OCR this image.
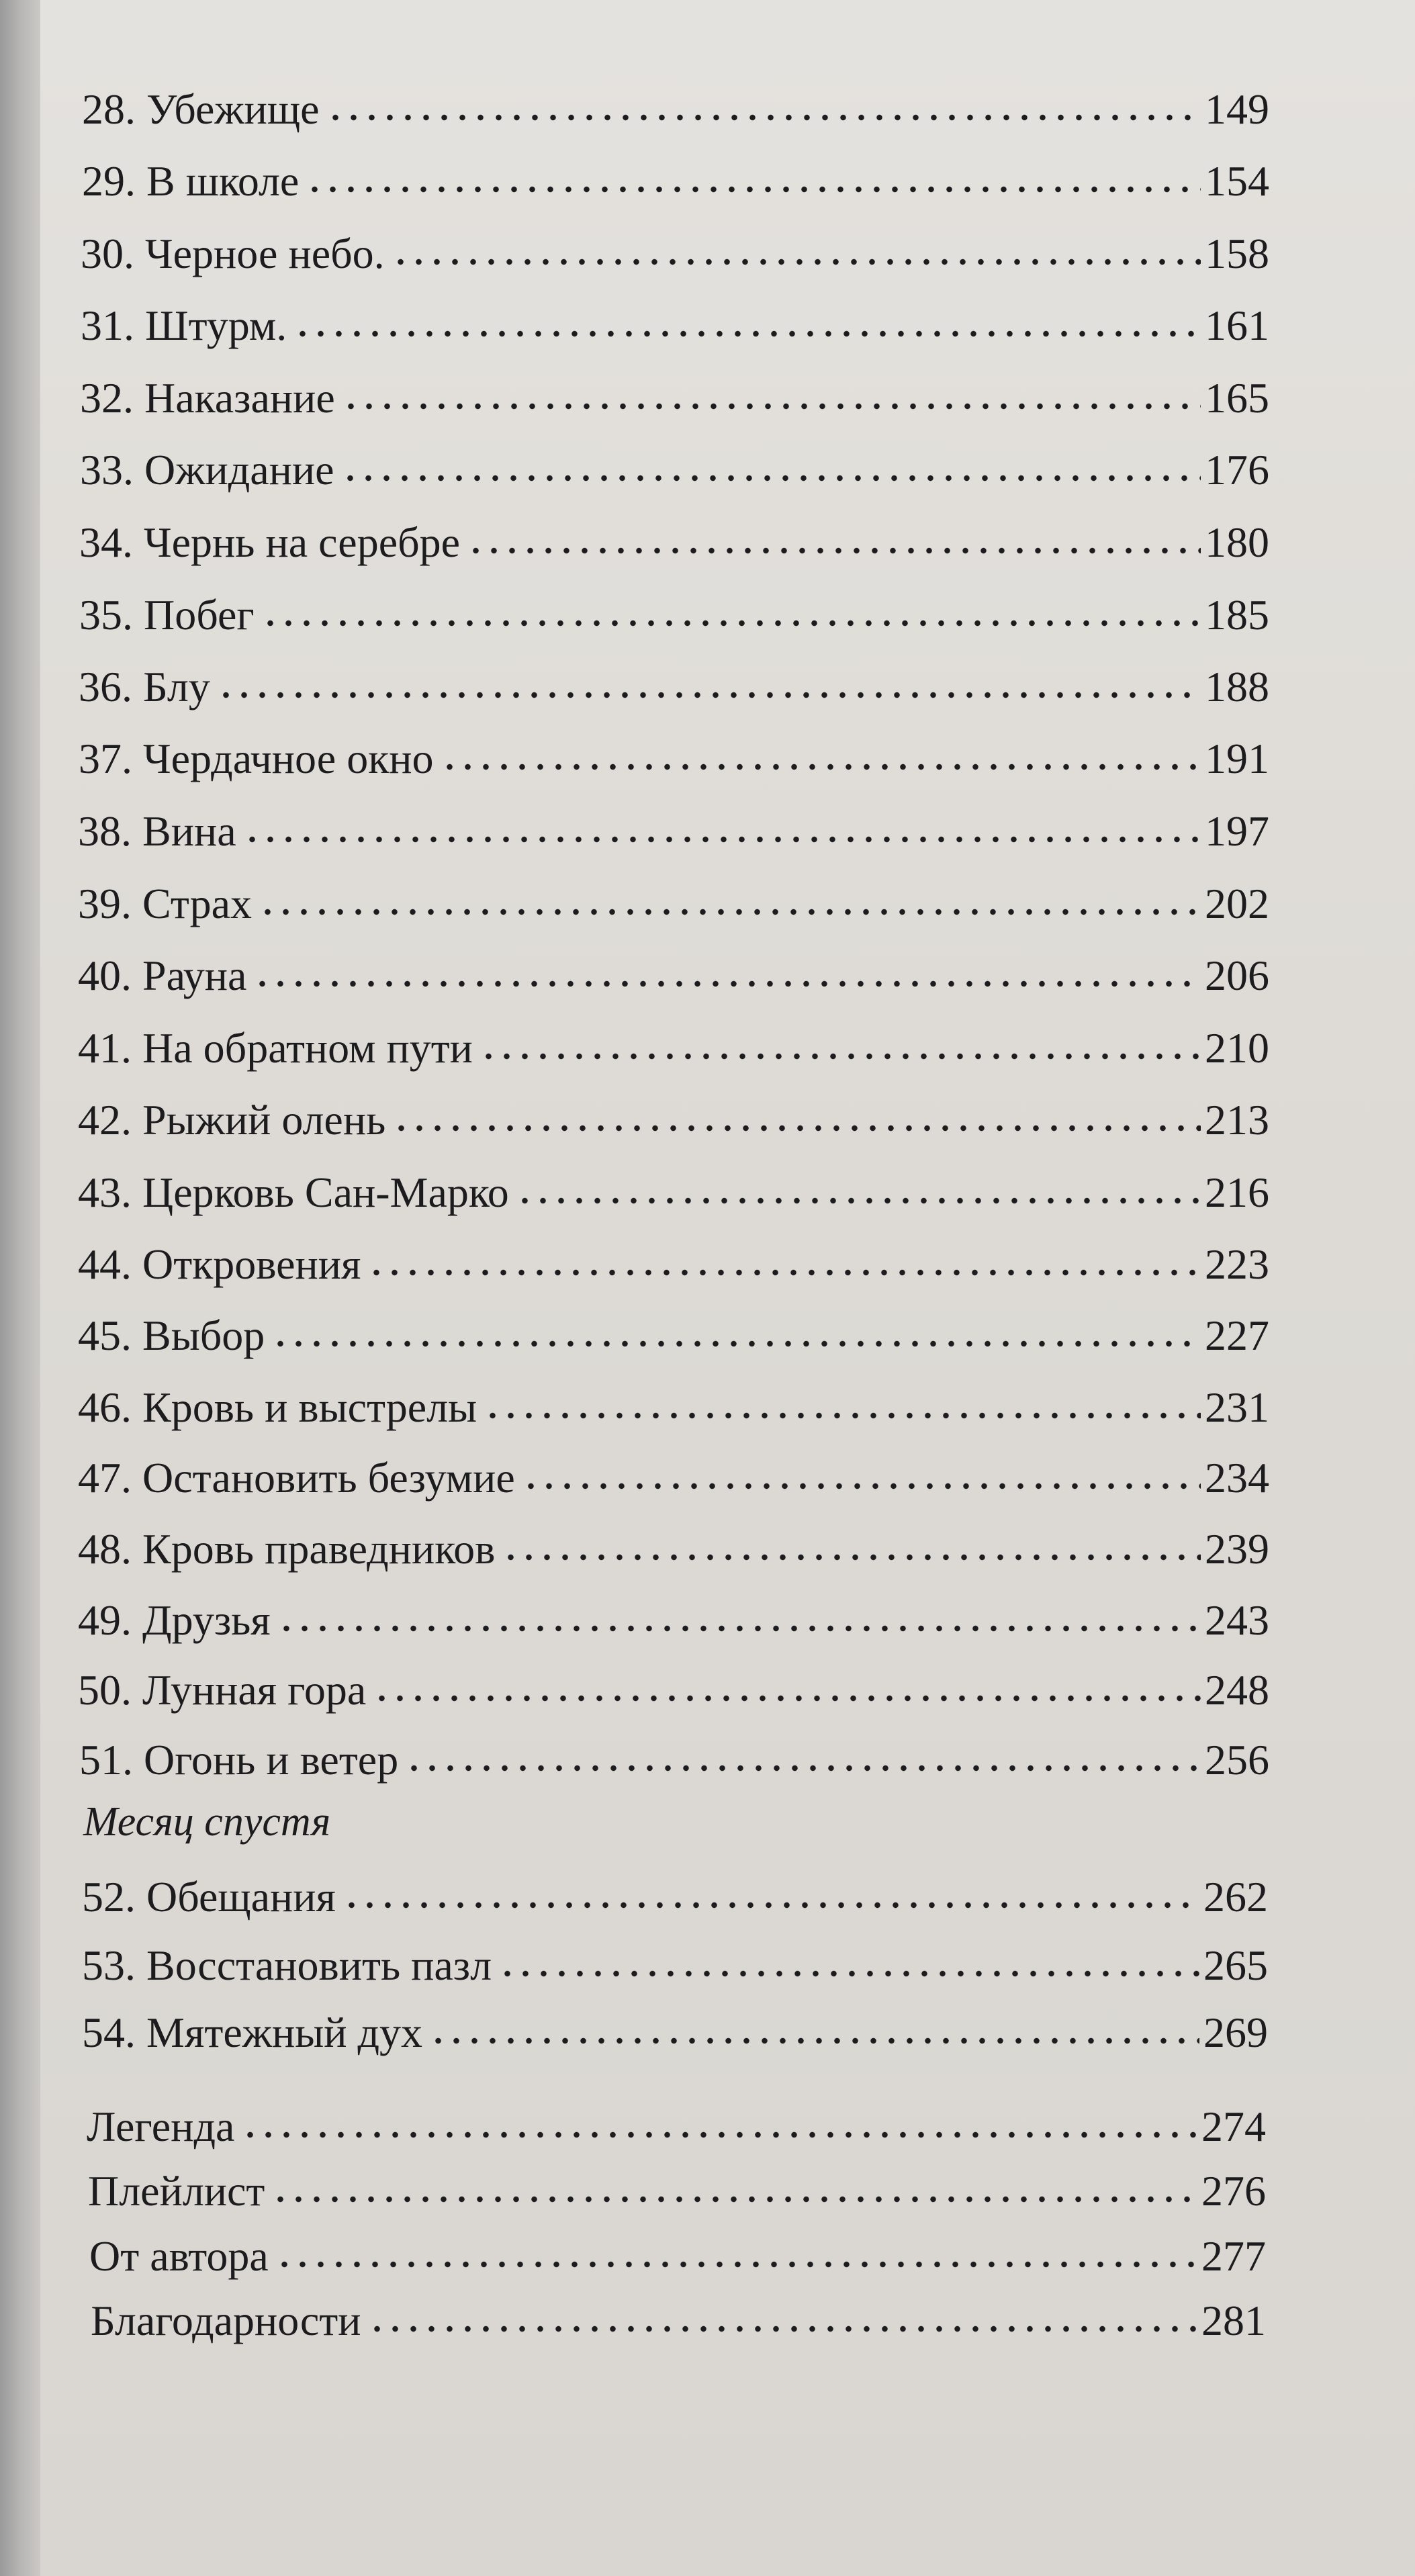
28. Убежище	149
29. В школе	154
30. Черное небо.	158
31. Штурм.	161
32. Наказание	165
33. Ожидание	176
34. Чернь на серебре	180
35. Побег	185
36. Блу	188
37. Чердачное окно	191
38. Вина	197
39. Страх	202
40. Рауна	206
41. На обратном пути	210
42. Рыжий олень	213
43. Церковь Сан-Марко	216
44. Откровения	223
45. Выбор	227
46. Кровь и выстрелы	231
47. Остановить безумие	234
48. Кровь праведников	239
49. Друзья	243
50. Лунная гора	248
51. Огонь и ветер	256
Месяц спустя
52. Обещания	262
53. Восстановить пазл	265
54. Мятежный дух	269
Легенда	274
Плейлист	276
От автора	277
Благодарности	281
